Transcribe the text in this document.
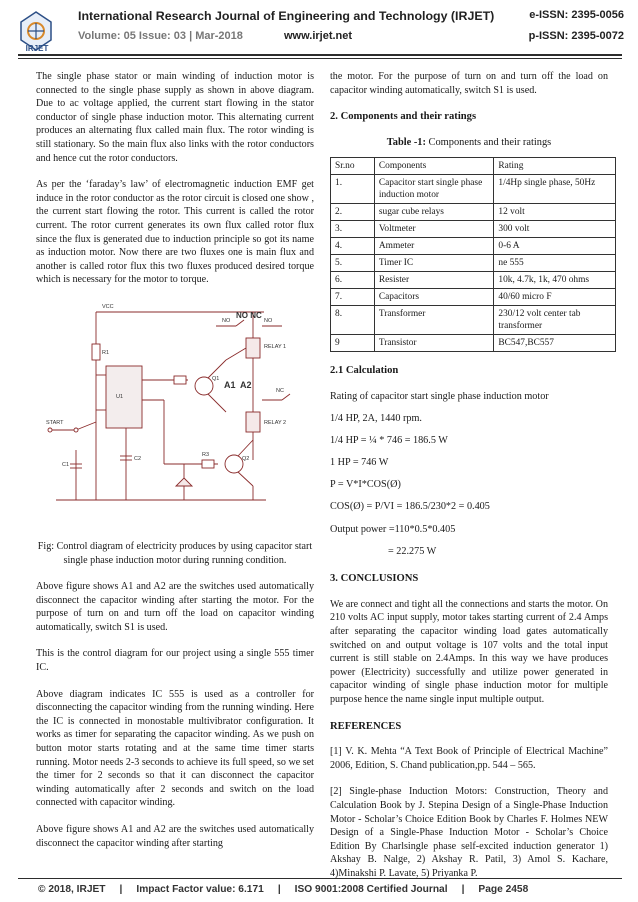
IRJET
International Research Journal of Engineering and Technology (IRJET)	e-ISSN: 2395-0056
Volume: 05 Issue: 03 | Mar-2018	www.irjet.net	p-ISSN: 2395-0072

The single phase stator or main winding of induction motor is connected to the single phase supply as shown in above diagram. Due to ac voltage applied, the current start flowing in the stator conductor of single phase induction motor. This alternating current produces an alternating flux called main flux. The rotor winding is still stationary. So the main flux also links with the rotor conductors and hence cut the rotor conductors.

As per the ‘faraday’s law’ of electromagnetic induction EMF get induce in the rotor conductor as the rotor circuit is closed one show , the current start flowing the rotor. This current is called the rotor current. The rotor current generates its own flux called rotor flux since the flux is generated due to induction principle so got its name as induction motor. Now there are two fluxes one is main flux and another is called rotor flux this two fluxes produced desired torque which is necessary for the motor to torque.

NO
NO NC
RELAY 1
RELAY 2
A1 A2
START
R1
Q1
Q2
R3
C1
C2
U1
VCC
NO
NC

Fig: Control diagram of electricity produces by using capacitor start single phase induction motor during running condition.

Above figure shows A1 and A2 are the switches used automatically disconnect the capacitor winding after starting the motor. For the purpose of turn on and turn off the load on capacitor winding automatically, switch S1 is used.

This is the control diagram for our project using a single 555 timer IC.

Above diagram indicates IC 555 is used as a controller for disconnecting the capacitor winding from the running winding. Here the IC is connected in monostable multivibrator configuration. It works as timer for separating the capacitor winding. As we push on button motor starts rotating and at the same time timer starts running. Motor needs 2-3 seconds to achieve its full speed, so we set the timer for 2 seconds so that it can disconnect the capacitor winding automatically after 2 seconds and switch on the load connected with capacitor winding.

Above figure shows A1 and A2 are the switches used automatically disconnect the capacitor winding after starting

the motor. For the purpose of turn on and turn off the load on capacitor winding automatically, switch S1 is used.

2. Components and their ratings
Table -1: Components and their ratings
Sr.no	Components	Rating
1.	Capacitor start single phase induction motor	1/4Hp single phase, 50Hz
2.	sugar cube relays	12 volt
3.	Voltmeter	300 volt
4.	Ammeter	0-6 A
5.	Timer IC	ne 555
6.	Resister	10k, 4.7k, 1k, 470 ohms
7.	Capacitors	40/60 micro F
8.	Transformer	230/12 volt center tab transformer
9	Transistor	BC547,BC557
2.1 Calculation
Rating of capacitor start single phase induction motor
1/4 HP, 2A, 1440 rpm.
1/4 HP = ¼ * 746 = 186.5 W
1 HP = 746 W
P = V*I*COS(Ø)
COS(Ø) = P/VI = 186.5/230*2 = 0.405
Output power =110*0.5*0.405
= 22.275 W
3. CONCLUSIONS

We are connect and tight all the connections and starts the motor. On 210 volts AC input supply, motor takes starting current of 2.4 Amps after separating the capacitor winding load gates automatically switched on and output voltage is 107 volts and the total input current is still stable on 2.4Amps. In this way we have produces power (Electricity) successfully and utilize power generated in capacitor winding of single phase induction motor for multiple purpose hence the name single input multiple output.

REFERENCES

[1] V. K. Mehta “A Text Book of Principle of Electrical Machine” 2006, Edition, S. Chand publication,pp. 544 – 565.

[2] Single-phase Induction Motors: Construction, Theory and Calculation Book by J. Stepina Design of a Single-Phase Induction Motor - Scholar’s Choice Edition Book by Charles F. Holmes NEW Design of a Single-Phase Induction Motor - Scholar’s Choice Edition By Charlsingle phase self-excited induction generator 1) Akshay B. Nalge, 2) Akshay R. Patil, 3) Amol S. Kachare, 4)Minakshi P. Lavate, 5) Priyanka P.

© 2018, IRJET | Impact Factor value: 6.171 | ISO 9001:2008 Certified Journal | Page 2458
